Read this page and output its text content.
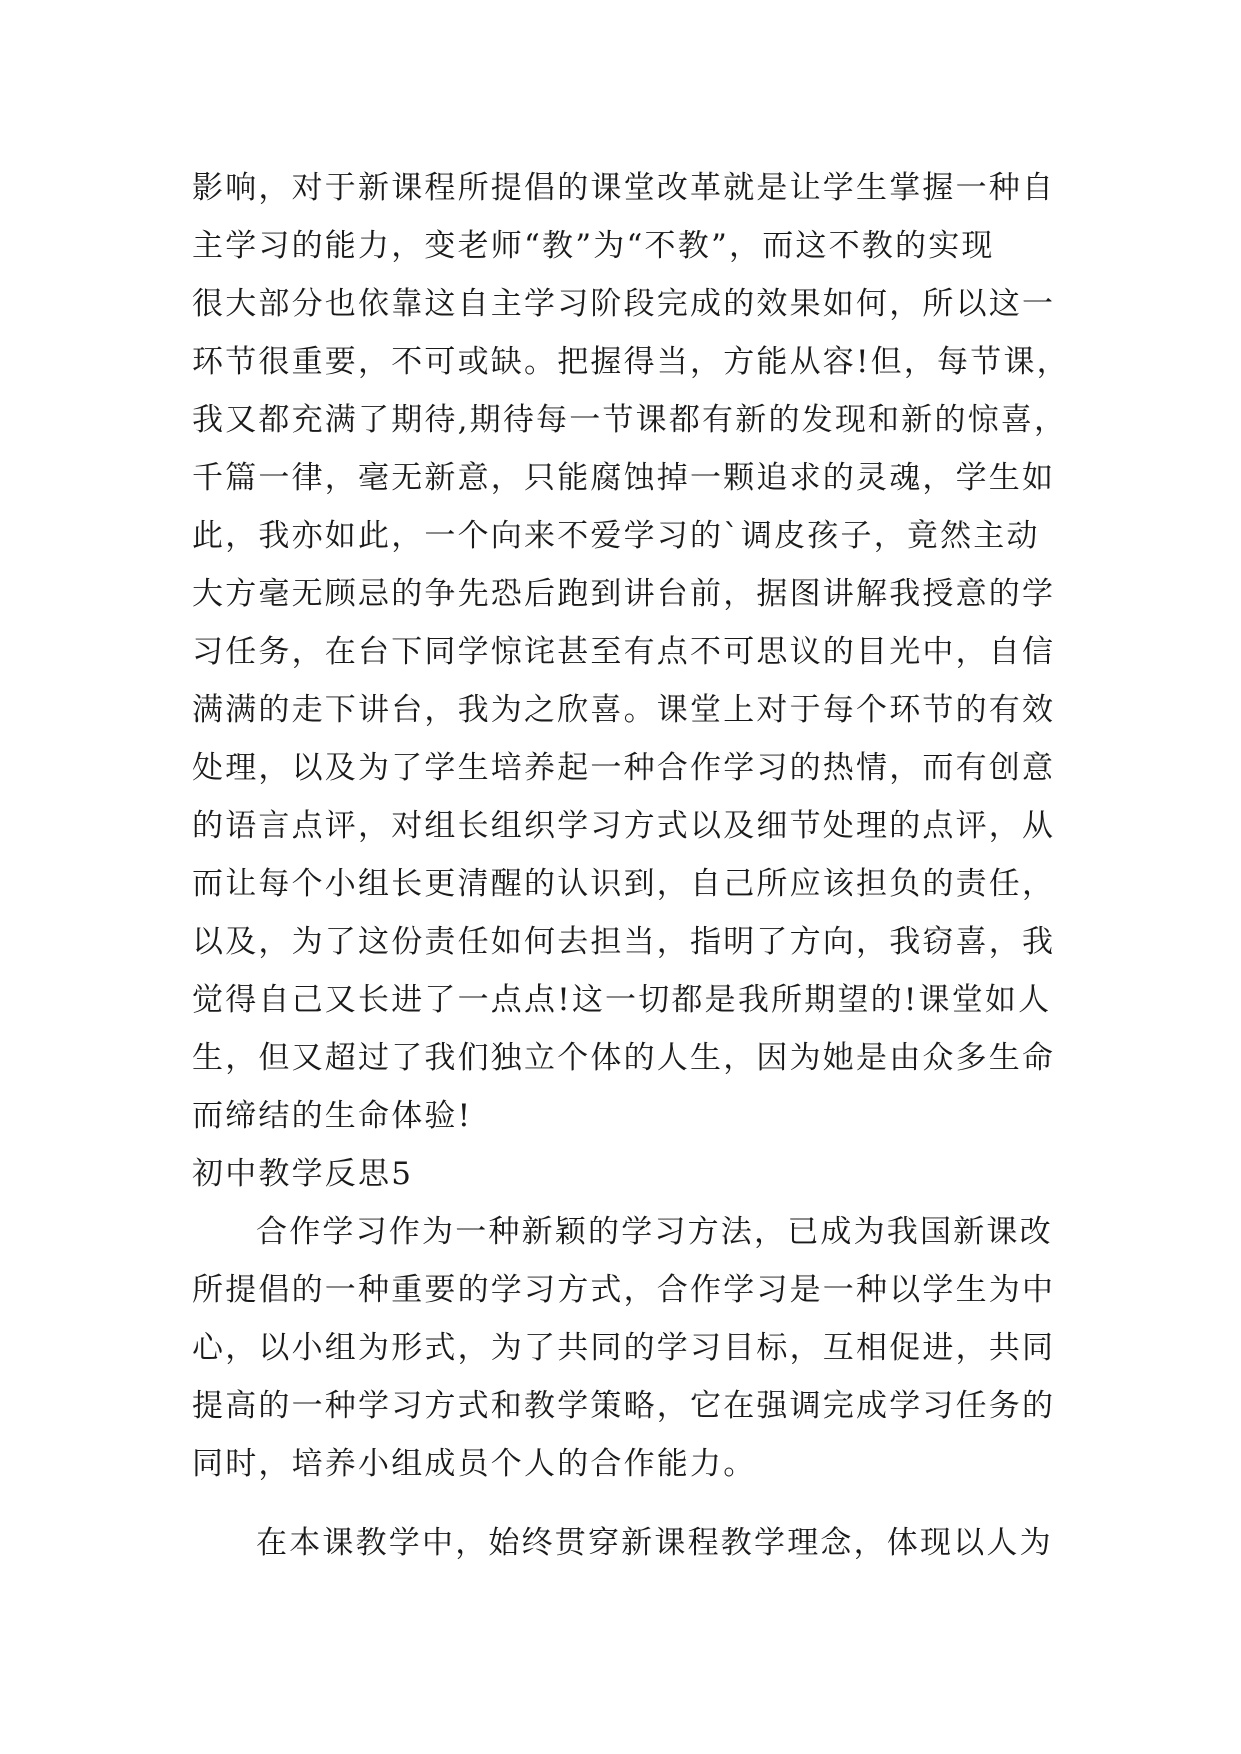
影响，对于新课程所提倡的课堂改革就是让学生掌握一种自
主学习的能力，变老师“教”为“不教”，而这不教的实现
很大部分也依靠这自主学习阶段完成的效果如何，所以这一
环节很重要，不可或缺。把握得当，方能从容!但，每节课，
我又都充满了期待,期待每一节课都有新的发现和新的惊喜，
千篇一律，毫无新意，只能腐蚀掉一颗追求的灵魂，学生如
此，我亦如此，一个向来不爱学习的`调皮孩子，竟然主动
大方毫无顾忌的争先恐后跑到讲台前，据图讲解我授意的学
习任务，在台下同学惊诧甚至有点不可思议的目光中，自信
满满的走下讲台，我为之欣喜。课堂上对于每个环节的有效
处理，以及为了学生培养起一种合作学习的热情，而有创意
的语言点评，对组长组织学习方式以及细节处理的点评，从
而让每个小组长更清醒的认识到，自己所应该担负的责任，
以及，为了这份责任如何去担当，指明了方向，我窃喜，我
觉得自己又长进了一点点!这一切都是我所期望的!课堂如人
生，但又超过了我们独立个体的人生，因为她是由众多生命
而缔结的生命体验!
初中教学反思5
合作学习作为一种新颖的学习方法，已成为我国新课改
所提倡的一种重要的学习方式，合作学习是一种以学生为中
心，以小组为形式，为了共同的学习目标，互相促进，共同
提高的一种学习方式和教学策略，它在强调完成学习任务的
同时，培养小组成员个人的合作能力。
在本课教学中，始终贯穿新课程教学理念，体现以人为
